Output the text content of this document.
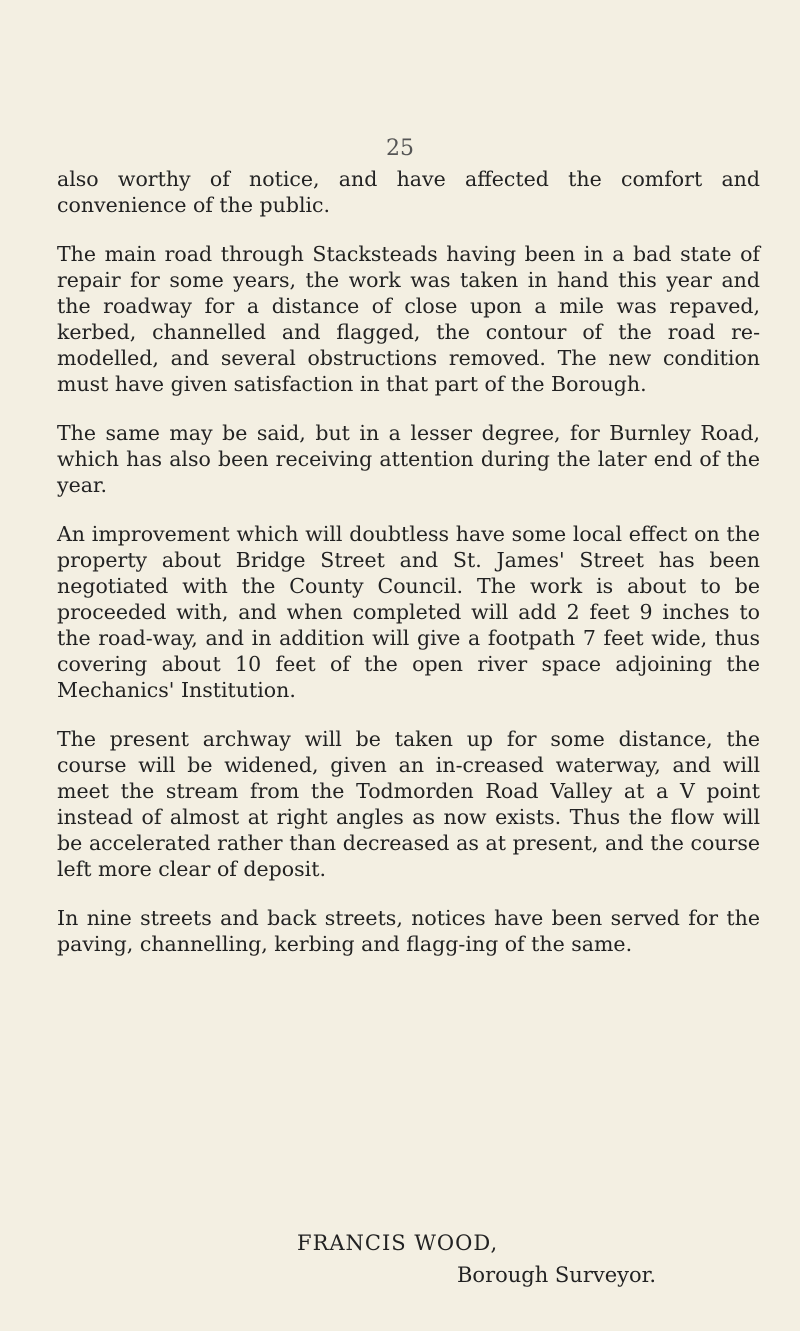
25

also worthy of notice, and have affected the comfort and convenience of the public.

The main road through Stacksteads having been in a bad state of repair for some years, the work was taken in hand this year and the roadway for a distance of close upon a mile was repaved, kerbed, channelled and flagged, the contour of the road re-modelled, and several obstructions removed. The new condition must have given satisfaction in that part of the Borough.

The same may be said, but in a lesser degree, for Burnley Road, which has also been receiving attention during the later end of the year.

An improvement which will doubtless have some local effect on the property about Bridge Street and St. James' Street has been negotiated with the County Council. The work is about to be proceeded with, and when completed will add 2 feet 9 inches to the road-way, and in addition will give a footpath 7 feet wide, thus covering about 10 feet of the open river space adjoining the Mechanics' Institution.

The present archway will be taken up for some distance, the course will be widened, given an in-creased waterway, and will meet the stream from the Todmorden Road Valley at a V point instead of almost at right angles as now exists. Thus the flow will be accelerated rather than decreased as at present, and the course left more clear of deposit.

In nine streets and back streets, notices have been served for the paving, channelling, kerbing and flagg-ing of the same.

FRANCIS WOOD,
Borough Surveyor.
